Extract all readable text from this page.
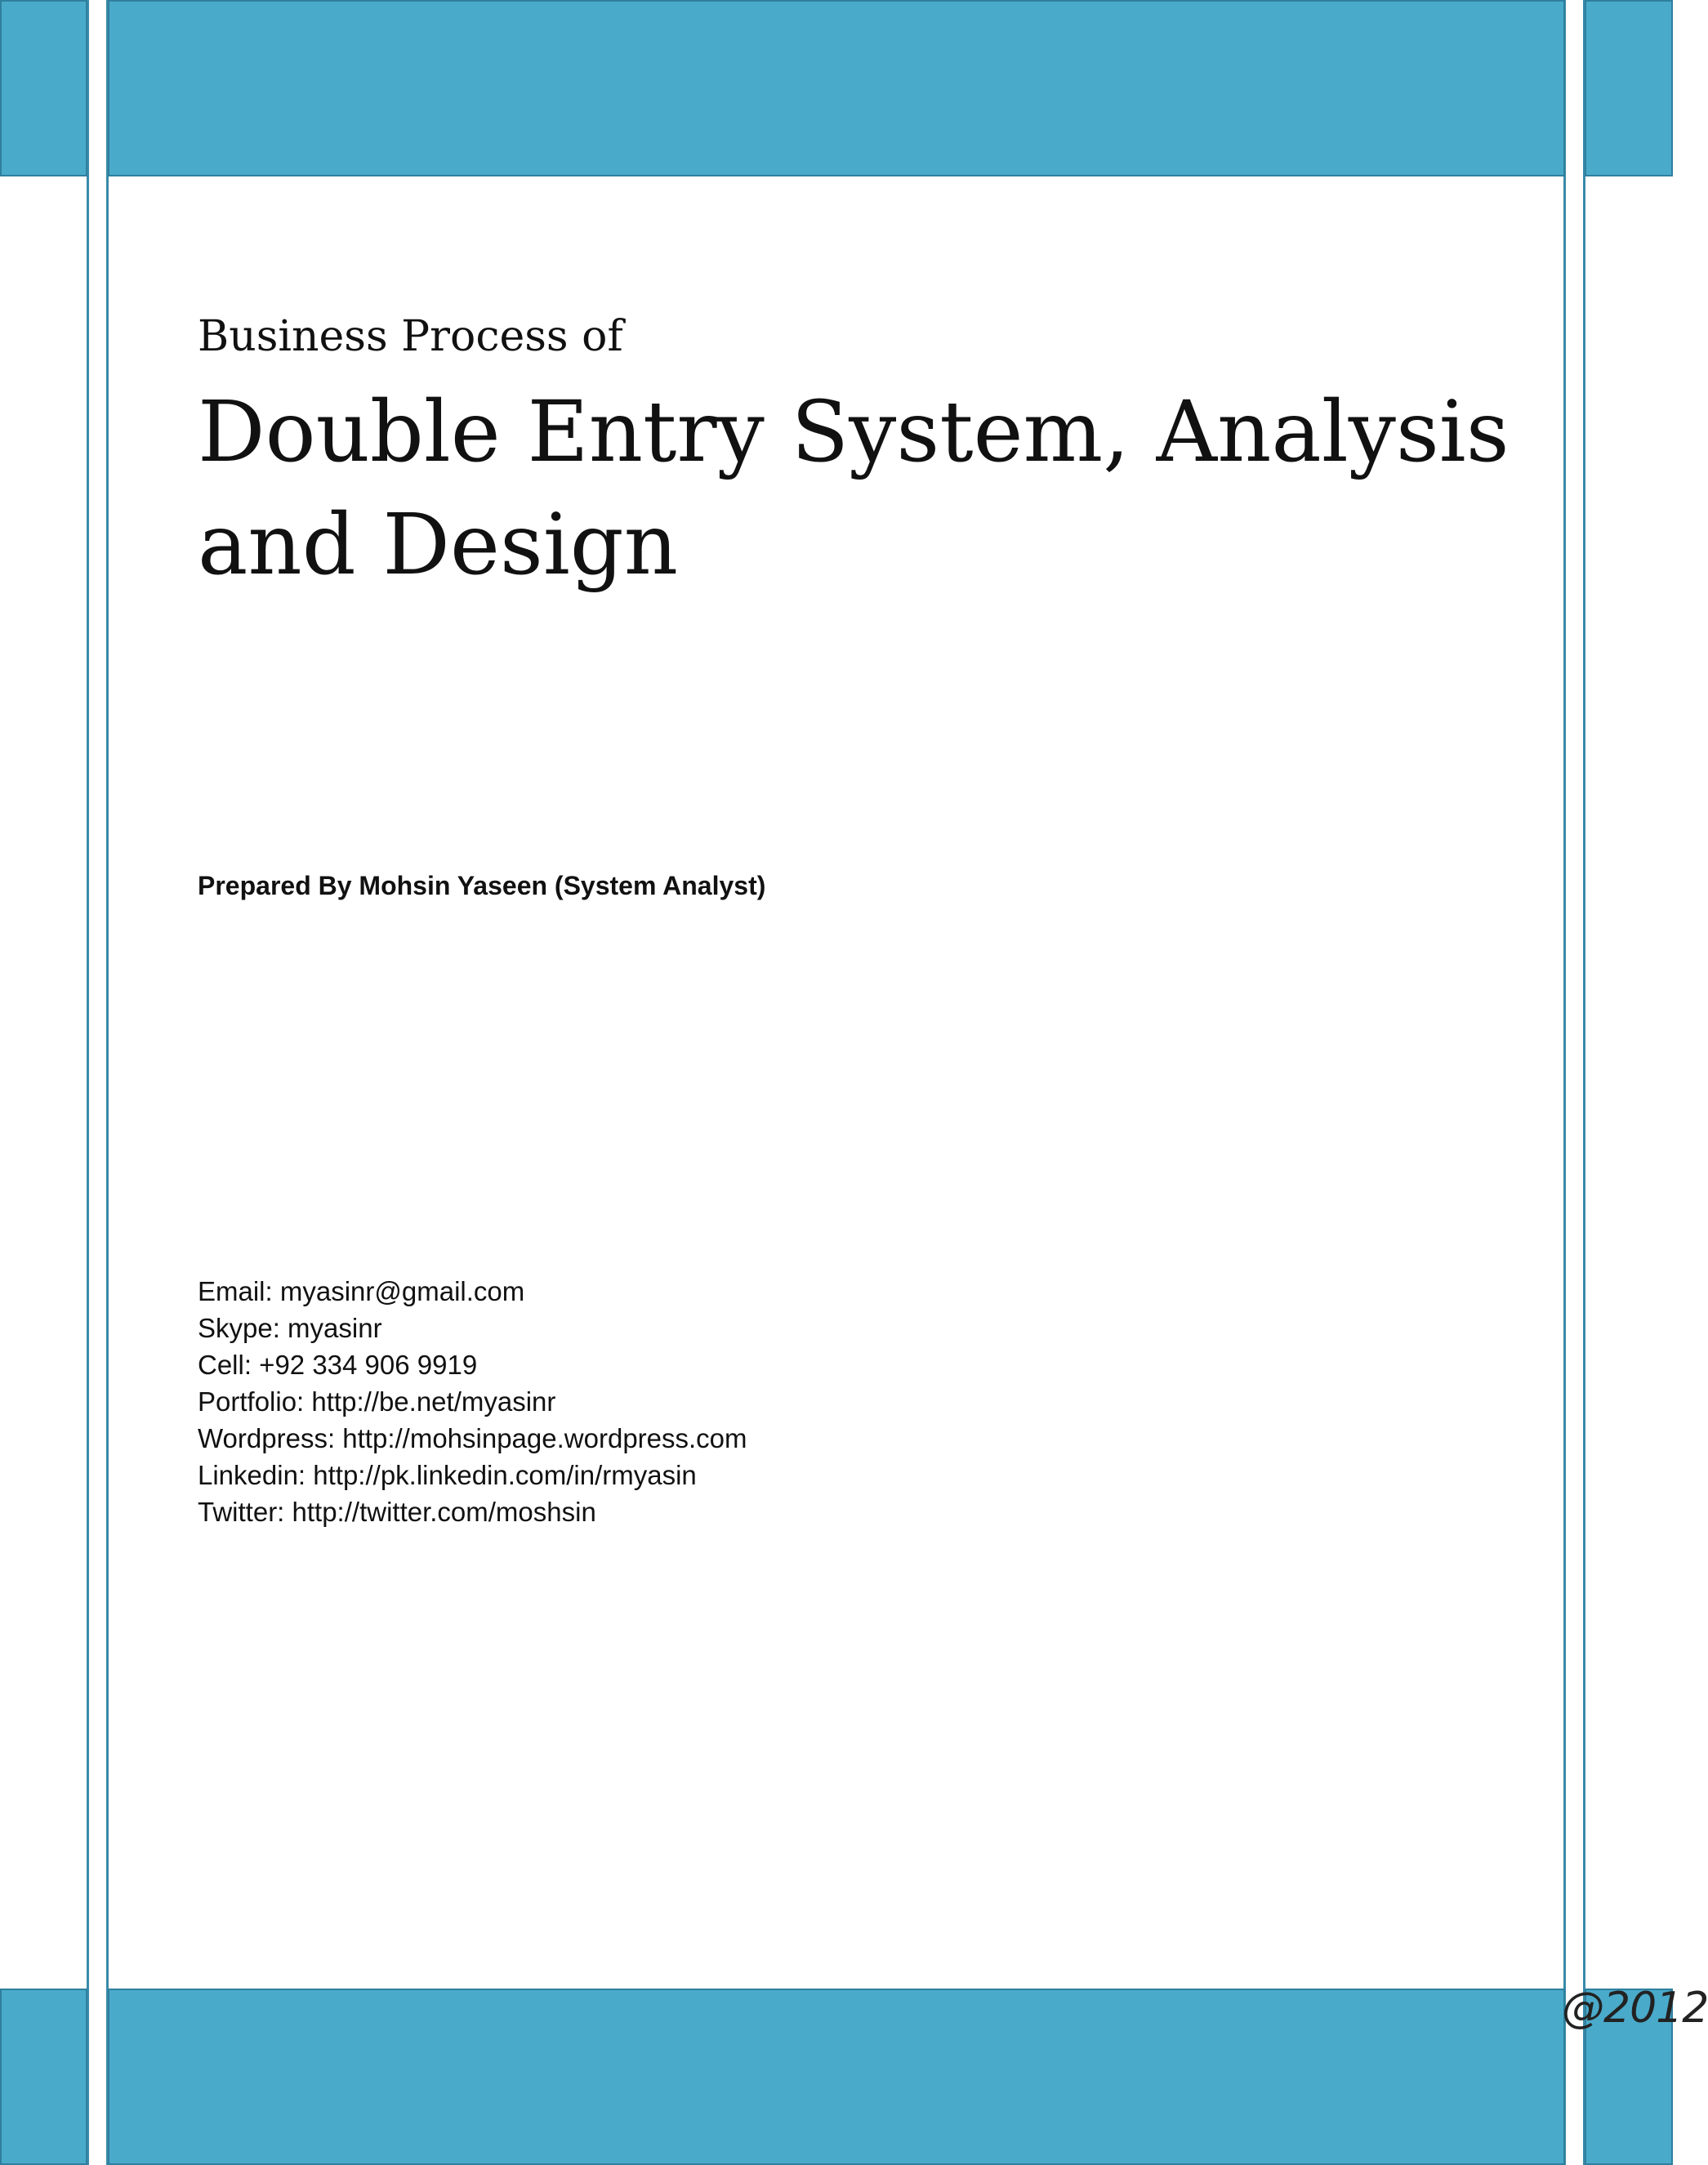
Business Process of
Double Entry System, Analysis and Design
Prepared By Mohsin Yaseen (System Analyst)
Email: myasinr@gmail.com
Skype: myasinr
Cell: +92 334 906 9919
Portfolio: http://be.net/myasinr
Wordpress: http://mohsinpage.wordpress.com
Linkedin: http://pk.linkedin.com/in/rmyasin
Twitter: http://twitter.com/moshsin
@2012
